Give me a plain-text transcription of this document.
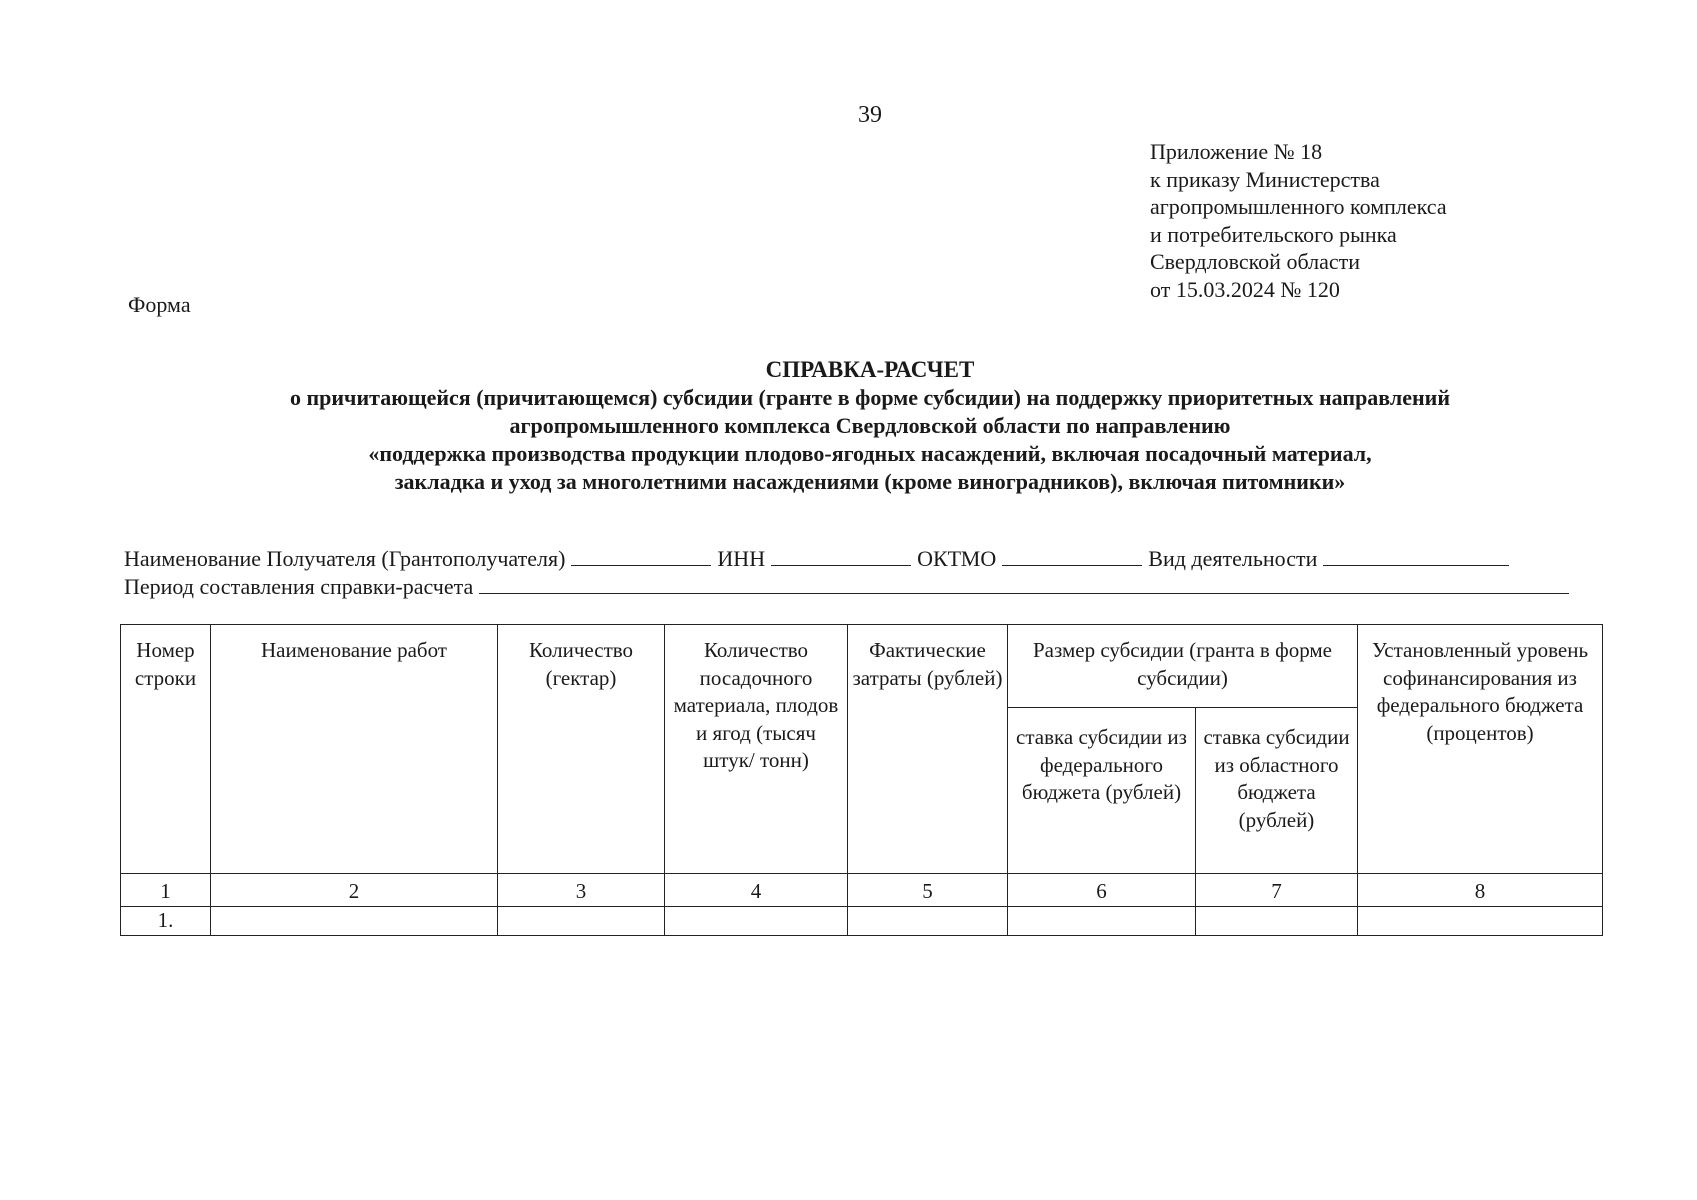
39
Приложение № 18
к приказу Министерства
агропромышленного комплекса
и потребительского рынка
Свердловской области
от 15.03.2024 № 120
Форма
СПРАВКА-РАСЧЕТ
о причитающейся (причитающемся) субсидии (гранте в форме субсидии) на поддержку приоритетных направлений
агропромышленного комплекса Свердловской области по направлению
«поддержка производства продукции плодово-ягодных насаждений, включая посадочный материал,
закладка и уход за многолетними насаждениями (кроме виноградников), включая питомники»
Наименование Получателя (Грантополучателя)	ИНН	ОКТМО	Вид деятельности
Период составления справки-расчета
Номер строки	Наименование работ	Количество (гектар)	Количество посадочного материала, плодов и ягод (тысяч штук/ тонн)	Фактические затраты (рублей)	Размер субсидии (гранта в форме субсидии)		Установленный уровень софинансирования из федерального бюджета (процентов)
					ставка субсидии из федерального бюджета (рублей)	ставка субсидии из областного бюджета (рублей)	
1	2	3	4	5	6	7	8
1.							
